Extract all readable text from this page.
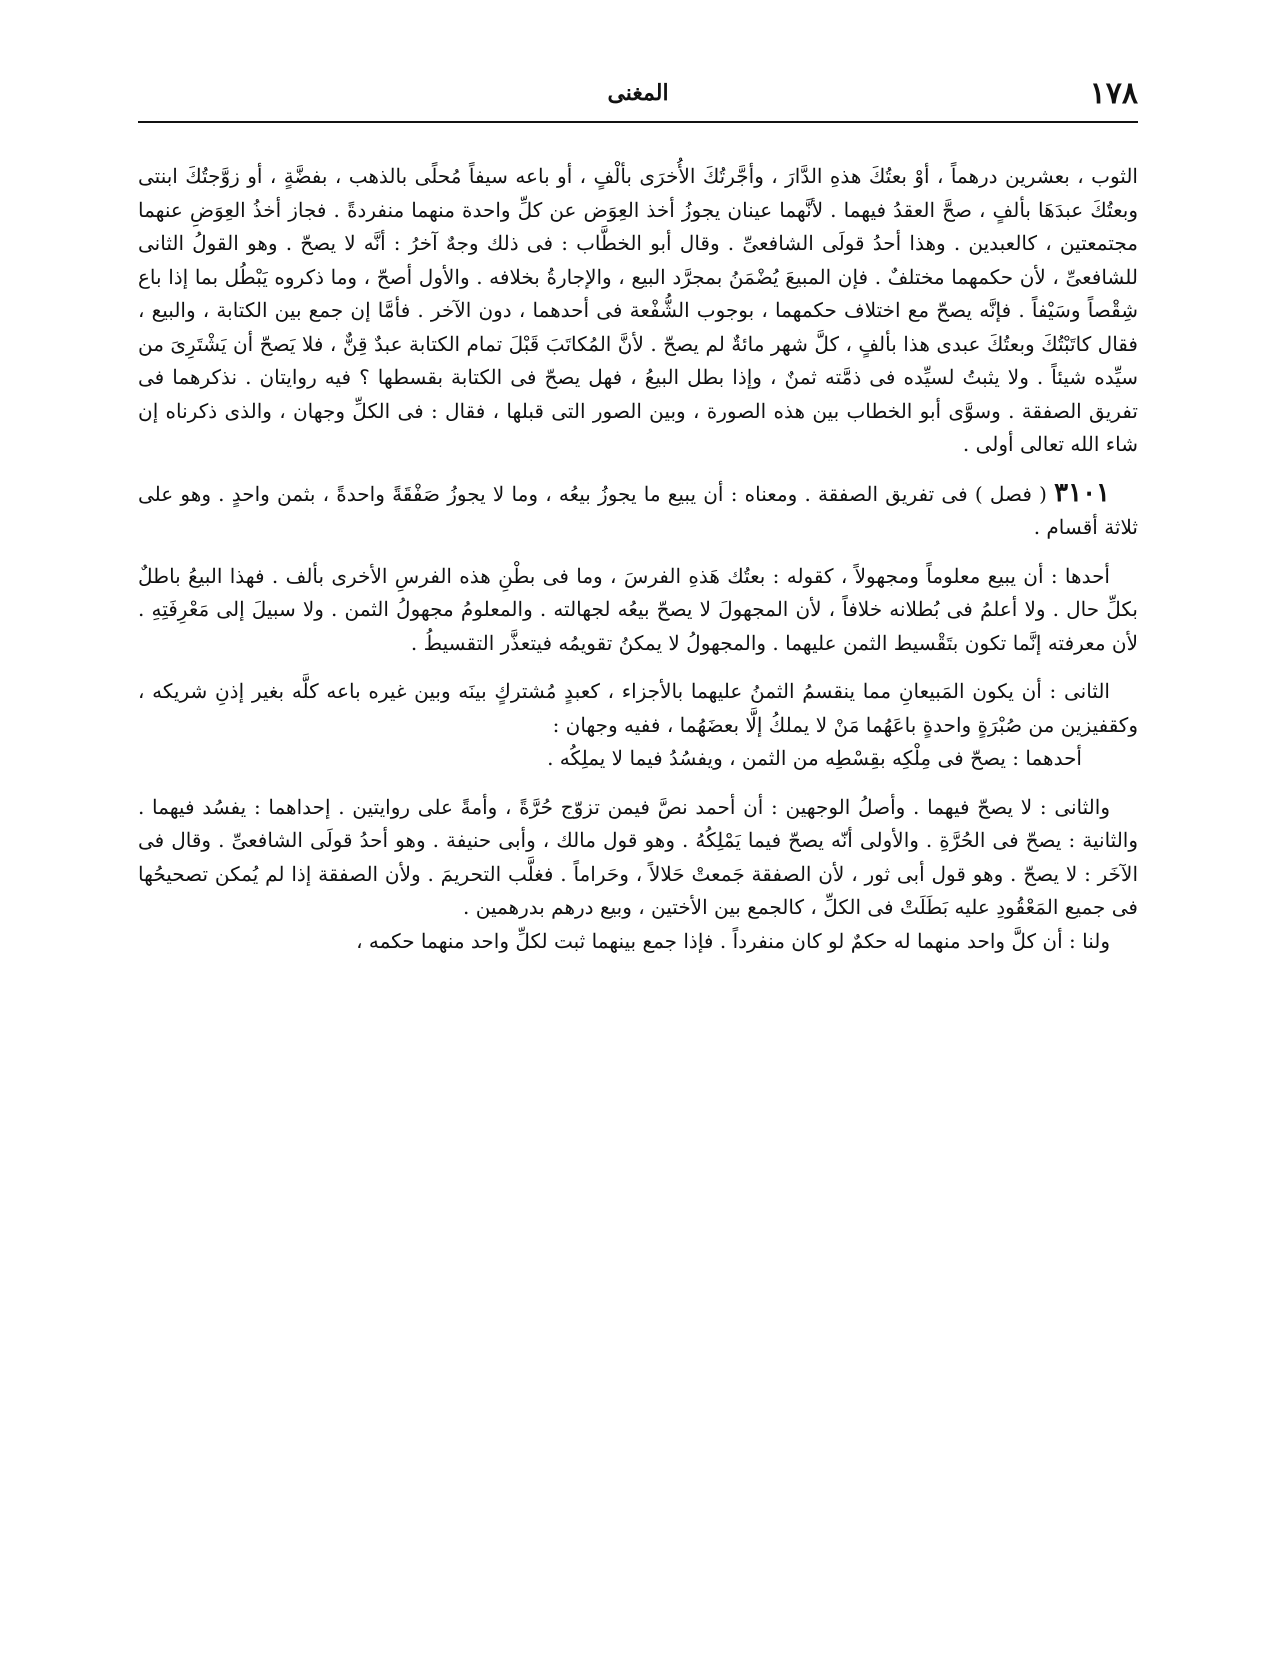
١٧٨
المغنى

الثوب ، بعشرين درهماً ، أوْ بعتُكَ هذهِ الدَّارَ ، وأجَّرتُكَ الأُخرَى بألْفٍ ، أو باعه سيفاً مُحلًى بالذهب ، بفضَّةٍ ، أو زوَّجتُكَ ابنتى وبعتُكَ عبدَهَا بألفٍ ، صحَّ العقدُ فيهما . لأنَّهما عينان يجوزُ أخذ العِوَض عن كلِّ واحدة منهما منفردةً . فجاز أخذُ العِوَضِ عنهما مجتمعتين ، كالعبدين . وهذا أحدُ قولَى الشافعىِّ . وقال أبو الخطَّاب : فى ذلك وجهٌ آخرُ : أنَّه لا يصحّ . وهو القولُ الثانى للشافعىِّ ، لأن حكمهما مختلفٌ . فإن المبيعَ يُضْمَنُ بمجرَّد البيع ، والإجارةُ بخلافه . والأول أصحّ ، وما ذكروه يَبْطُل بما إذا باع شِقْصاً وسَيْفاً . فإنَّه يصحّ مع اختلاف حكمهما ، بوجوب الشُّفْعة فى أحدهما ، دون الآخر . فأمَّا إن جمع بين الكتابة ، والبيع ، فقال كاتَبْتُكَ وبعتُكَ عبدى هذا بألفٍ ، كلَّ شهر مائةٌ لم يصحّ . لأنَّ المُكاتَبَ قَبْلَ تمام الكتابة عبدٌ قِنٌّ ، فلا يَصحّ أن يَشْتَرِىَ من سيِّده شيئاً . ولا يثبتُ لسيِّده فى ذمَّته ثمنٌ ، وإذا بطل البيعُ ، فهل يصحّ فى الكتابة بقسطها ؟ فيه روايتان . نذكرهما فى تفريق الصفقة . وسوَّى أبو الخطاب بين هذه الصورة ، وبين الصور التى قبلها ، فقال : فى الكلِّ وجهان ، والذى ذكرناه إن شاء الله تعالى أولى .

٣١٠١ ( فصل ) فى تفريق الصفقة . ومعناه : أن يبيع ما يجوزُ بيعُه ، وما لا يجوزُ صَفْقَةً واحدةً ، بثمن واحدٍ . وهو على ثلاثة أقسام .

أحدها : أن يبيع معلوماً ومجهولاً ، كقوله : بعتُك هَذهِ الفرسَ ، وما فى بطْنِ هذه الفرسِ الأخرى بألف . فهذا البيعُ باطلٌ بكلِّ حال . ولا أعلمُ فى بُطلانه خلافاً ، لأن المجهولَ لا يصحّ بيعُه لجهالته . والمعلومُ مجهولُ الثمن . ولا سبيلَ إلى مَعْرِفَتِهِ . لأن معرفته إنَّما تكون بتَقْسيط الثمن عليهما . والمجهولُ لا يمكنُ تقويمُه فيتعذَّر التقسيطُ .

الثانى : أن يكون المَبيعانِ مما ينقسمُ الثمنُ عليهما بالأجزاء ، كعبدٍ مُشتركٍ بينَه وبين غيره باعه كلَّه بغير إذنِ شريكه ، وكقفيزين من صُبْرَةٍ واحدةٍ باعَهُما مَنْ لا يملكُ إلَّا بعضَهُما ، ففيه وجهان :

أحدهما : يصحّ فى مِلْكِه بقِسْطِه من الثمن ، ويفسُدُ فيما لا يملِكُه .

والثانى : لا يصحّ فيهما . وأصلُ الوجهين : أن أحمد نصَّ فيمن تزوّج حُرَّةً ، وأمةً على روايتين . إحداهما : يفسُد فيهما . والثانية : يصحّ فى الحُرَّةِ . والأولى أنّه يصحّ فيما يَمْلِكُهُ . وهو قول مالك ، وأبى حنيفة . وهو أحدُ قولَى الشافعىِّ . وقال فى الآخَر : لا يصحّ . وهو قول أبى ثور ، لأن الصفقة جَمعتْ حَلالاً ، وحَراماً . فغلَّب التحريمَ . ولأن الصفقة إذا لم يُمكن تصحيحُها فى جميع المَعْقُودِ عليه بَطَلَتْ فى الكلِّ ، كالجمع بين الأختين ، وبيع درهم بدرهمين .

ولنا : أن كلَّ واحد منهما له حكمٌ لو كان منفرداً . فإذا جمع بينهما ثبت لكلِّ واحد منهما حكمه ،
